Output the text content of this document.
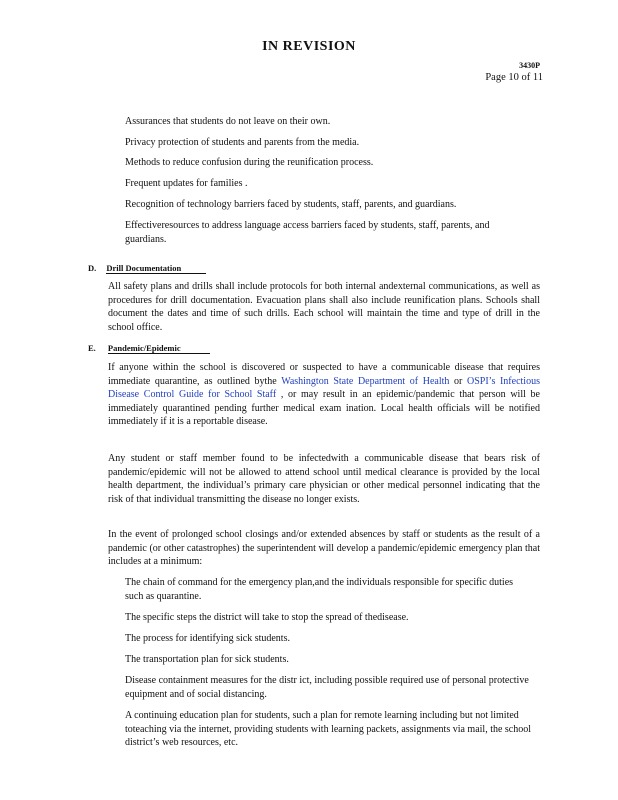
IN REVISION
3430P
Page 10 of 11
Assurances that students do not leave on their own.
Privacy protection of students and parents from the media.
Methods to reduce confusion during the reunification process.
Frequent updates for families .
Recognition of technology barriers faced by students, staff, parents, and guardians.
Effectiveresources to address language access barriers faced by students, staff, parents, and guardians.
D. Drill Documentation
All safety plans and drills shall include protocols for both internal andexternal communications, as well as procedures for drill documentation. Evacuation plans shall also include reunification plans. Schools shall document the dates and time of such drills. Each school will maintain the time and type of drill in the school office.
E. Pandemic/Epidemic
If anyone within the school is discovered or suspected to have a communicable disease that requires immediate quarantine, as outlined bythe Washington State Department of Health or OSPI’s Infectious Disease Control Guide for School Staff , or may result in an epidemic/pandemic that person will be immediately quarantined pending further medical exam ination. Local health officials will be notified immediately if it is a reportable disease.
Any student or staff member found to be infectedwith a communicable disease that bears risk of pandemic/epidemic will not be allowed to attend school until medical clearance is provided by the local health department, the individual’s primary care physician or other medical personnel indicating that the risk of that individual transmitting the disease no longer exists.
In the event of prolonged school closings and/or extended absences by staff or students as the result of a pandemic (or other catastrophes) the superintendent will develop a pandemic/epidemic emergency plan that includes at a minimum:
The chain of command for the emergency plan,and the individuals responsible for specific duties such as quarantine.
The specific steps the district will take to stop the spread of thedisease.
The process for identifying sick students.
The transportation plan for sick students.
Disease containment measures for the distr ict, including possible required use of personal protective equipment and of social distancing.
A continuing education plan for students, such a plan for remote learning including but not limited toteaching via the internet, providing students with learning packets, assignments via mail, the school district’s web resources, etc.
